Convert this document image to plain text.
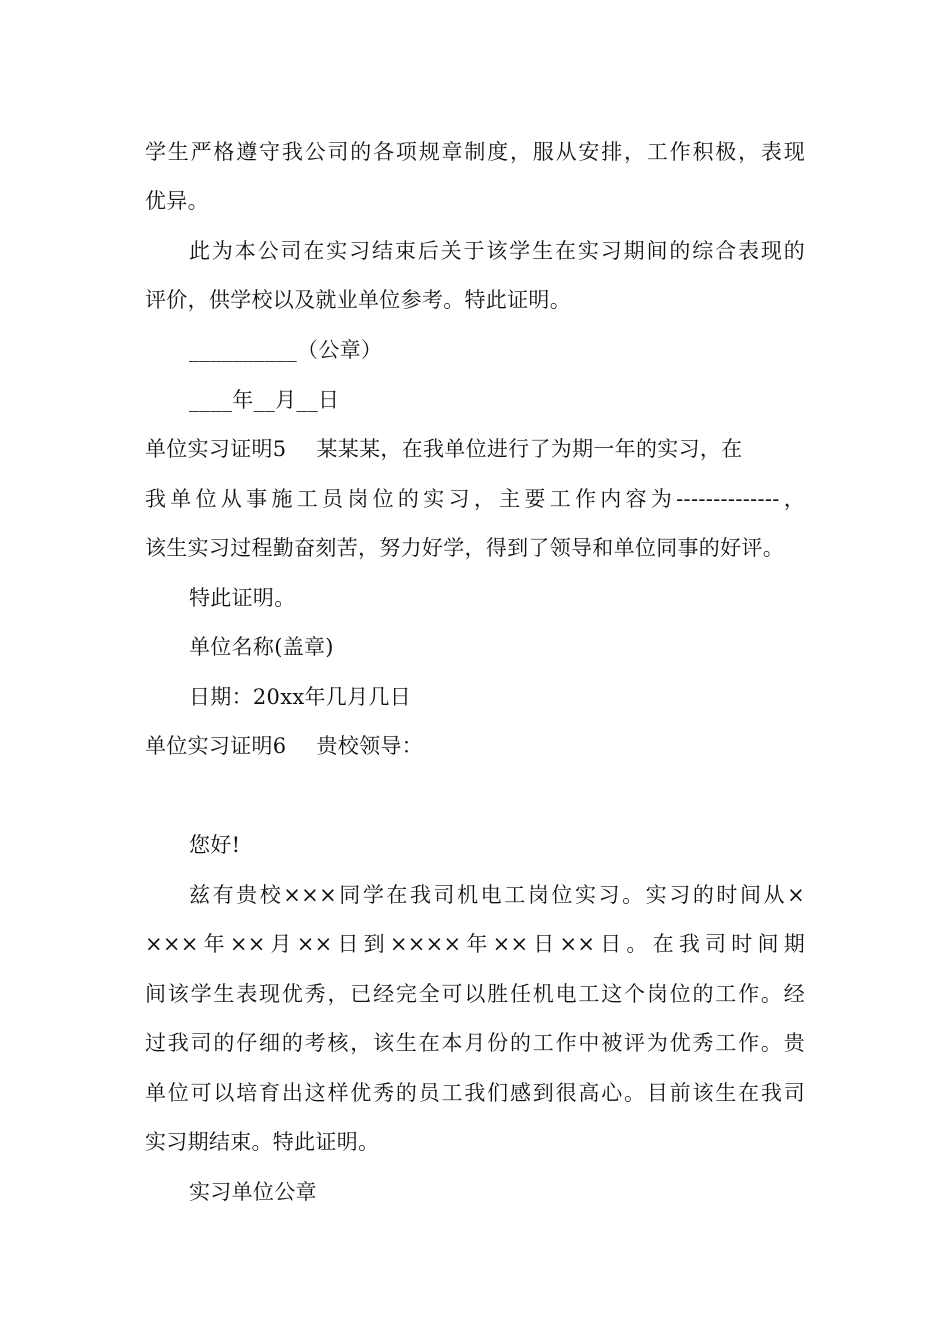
学生严格遵守我公司的各项规章制度，服从安排，工作积极，表现
优异。
此为本公司在实习结束后关于该学生在实习期间的综合表现的
评价，供学校以及就业单位参考。特此证明。
__________（公章）
____年__月__日
单位实习证明5 某某某，在我单位进行了为期一年的实习，在
我单位从事施工员岗位的实习，主要工作内容为--------------，
该生实习过程勤奋刻苦，努力好学，得到了领导和单位同事的好评。
特此证明。
单位名称(盖章)
日期：20xx年几月几日
单位实习证明6 贵校领导：
您好!
兹有贵校×××同学在我司机电工岗位实习。实习的时间从×
×××年××月××日到××××年××日××日。在我司时间期
间该学生表现优秀，已经完全可以胜任机电工这个岗位的工作。经
过我司的仔细的考核，该生在本月份的工作中被评为优秀工作。贵
单位可以培育出这样优秀的员工我们感到很高心。目前该生在我司
实习期结束。特此证明。
实习单位公章
